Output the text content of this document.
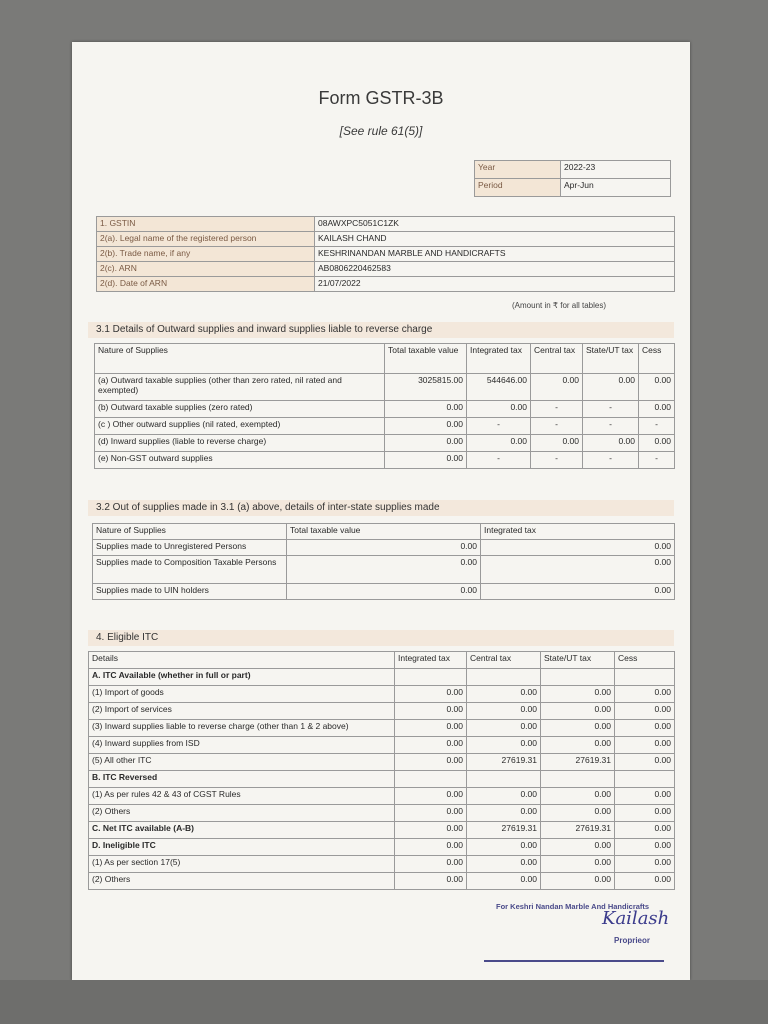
Form GSTR-3B
[See rule 61(5)]
Year	2022-23
Period	Apr-Jun
1. GSTIN	08AWXPC5051C1ZK
2(a). Legal name of the registered person	KAILASH CHAND
2(b). Trade name, if any	KESHRINANDAN MARBLE AND HANDICRAFTS
2(c). ARN	AB0806220462583
2(d). Date of ARN	21/07/2022
(Amount in ₹ for all tables)
3.1 Details of Outward supplies and inward supplies liable to reverse charge
Nature of Supplies	Total taxable value	Integrated tax	Central tax	State/UT tax	Cess
(a) Outward taxable supplies (other than zero rated, nil rated and exempted)	3025815.00	544646.00	0.00	0.00	0.00
(b) Outward taxable supplies (zero rated)	0.00	0.00	-	-	0.00
(c ) Other outward supplies (nil rated, exempted)	0.00	-	-	-	-
(d) Inward supplies (liable to reverse charge)	0.00	0.00	0.00	0.00	0.00
(e) Non-GST outward supplies	0.00	-	-	-	-
3.2 Out of supplies made in 3.1 (a) above, details of inter-state supplies made
Nature of Supplies	Total taxable value	Integrated tax
Supplies made to Unregistered Persons	0.00	0.00
Supplies made to Composition Taxable Persons	0.00	0.00
Supplies made to UIN holders	0.00	0.00
4. Eligible ITC
Details	Integrated tax	Central tax	State/UT tax	Cess
A. ITC Available (whether in full or part)				
(1) Import of goods	0.00	0.00	0.00	0.00
(2) Import of services	0.00	0.00	0.00	0.00
(3) Inward supplies liable to reverse charge (other than 1 & 2 above)	0.00	0.00	0.00	0.00
(4) Inward supplies from ISD	0.00	0.00	0.00	0.00
(5) All other ITC	0.00	27619.31	27619.31	0.00
B. ITC Reversed				
(1) As per rules 42 & 43 of CGST Rules	0.00	0.00	0.00	0.00
(2) Others	0.00	0.00	0.00	0.00
C. Net ITC available (A-B)	0.00	27619.31	27619.31	0.00
D. Ineligible ITC	0.00	0.00	0.00	0.00
(1) As per section 17(5)	0.00	0.00	0.00	0.00
(2) Others	0.00	0.00	0.00	0.00
For Keshri Nandan Marble And Handicrafts
Kailash
Proprieor
